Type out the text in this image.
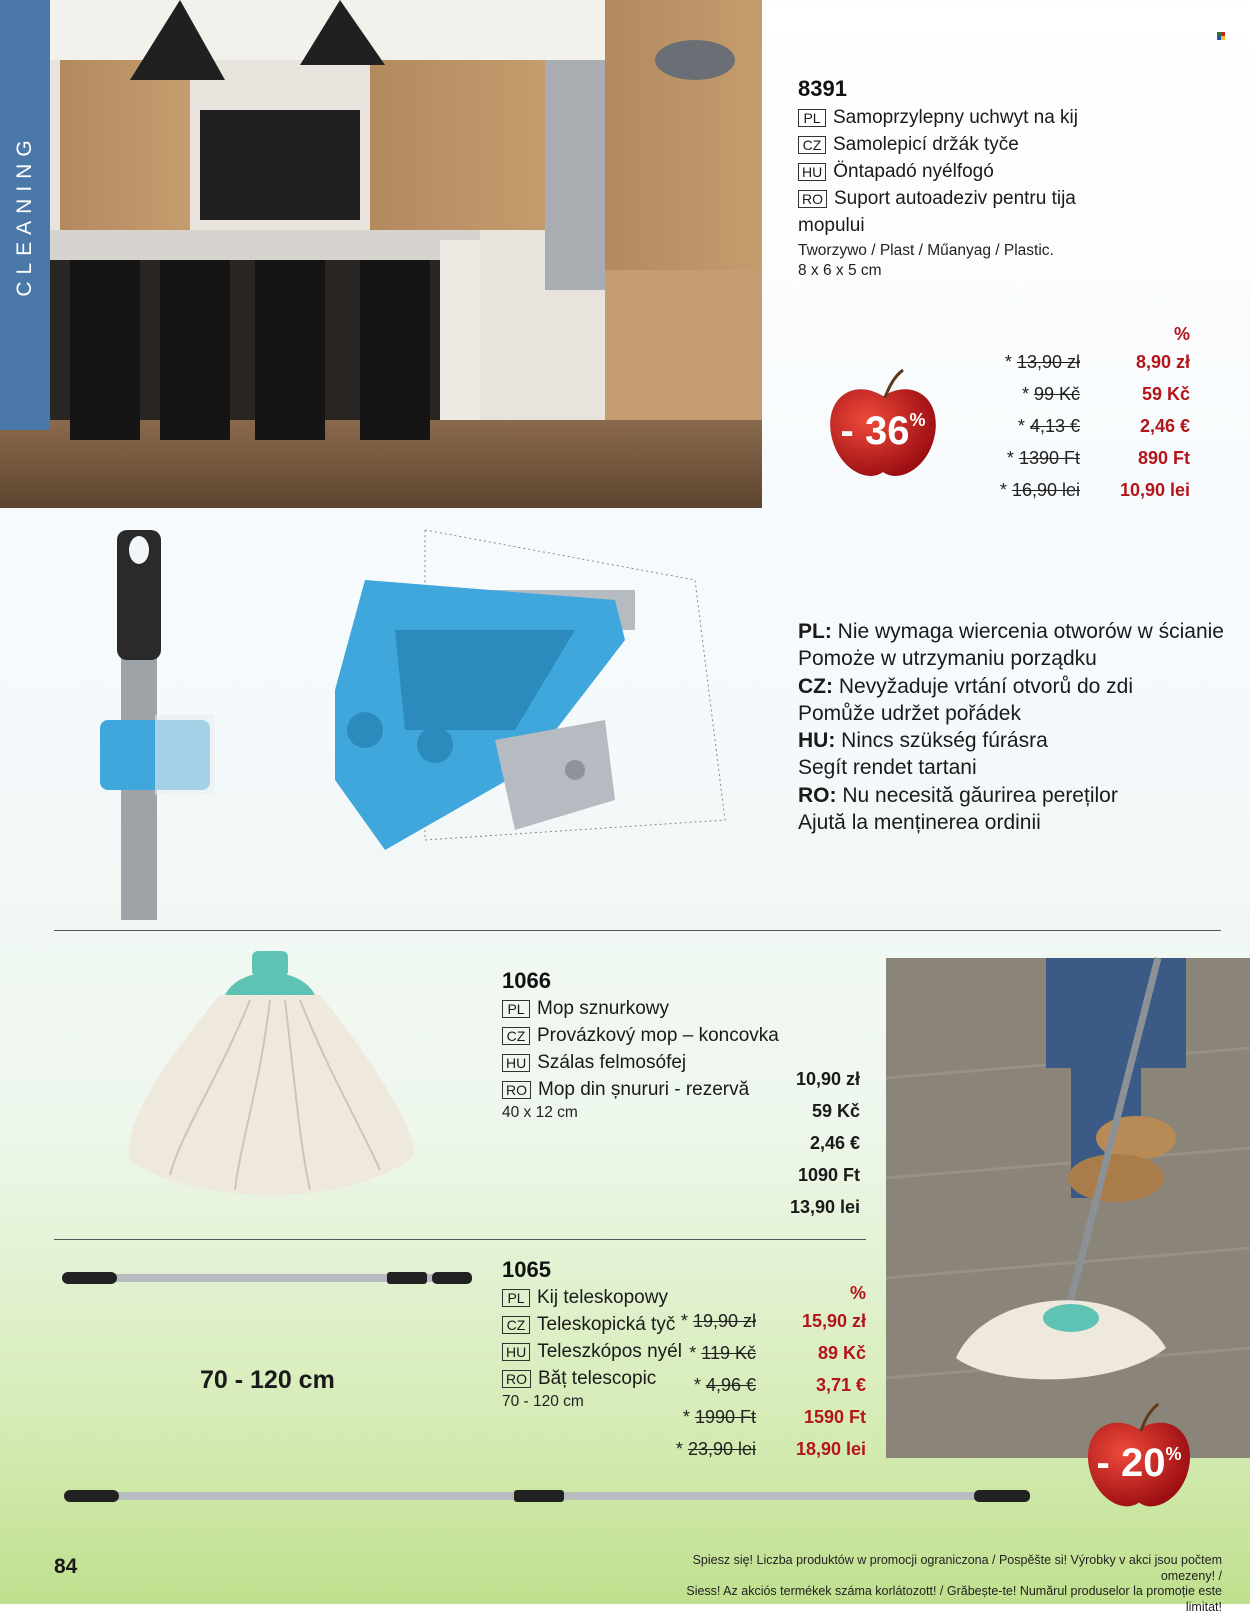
CLEANING
8391
PL Samoprzylepny uchwyt na kij
CZ Samolepicí držák tyče
HU Öntapadó nyélfogó
RO Suport autoadeziv pentru tija
mopului
Tworzywo / Plast / Műanyag / Plastic.
8 x 6 x 5 cm
%
* 13,90 zł	8,90 zł
* 99 Kč	59 Kč
* 4,13 €	2,46 €
* 1390 Ft	890 Ft
* 16,90 lei	10,90 lei
- 36 %
PL: Nie wymaga wiercenia otworów w ścianie
Pomoże w utrzymaniu porządku
CZ: Nevyžaduje vrtání otvorů do zdi
Pomůže udržet pořádek
HU: Nincs szükség fúrásra
Segít rendet tartani
RO: Nu necesită găurirea pereților
Ajută la menținerea ordinii
1066
PL Mop sznurkowy
CZ Provázkový mop – koncovka
HU Szálas felmosófej
RO Mop din șnururi - rezervă
40 x 12 cm
10,90 zł
59 Kč
2,46 €
1090 Ft
13,90 lei
70 - 120 cm
1065
PL Kij teleskopowy
CZ Teleskopická tyč
HU Teleszkópos nyél
RO Băț telescopic
70 - 120 cm
%
* 19,90 zł	15,90 zł
* 119 Kč	89 Kč
* 4,96 €	3,71 €
* 1990 Ft	1590 Ft
* 23,90 lei	18,90 lei	- 20 %
84	Spiesz się! Liczba produktów w promocji ograniczona / Pospěšte si! Výrobky v akci jsou počtem omezeny! /
Siess! Az akciós termékek száma korlátozott! / Grăbește-te! Numărul produselor la promoție este limitat!
